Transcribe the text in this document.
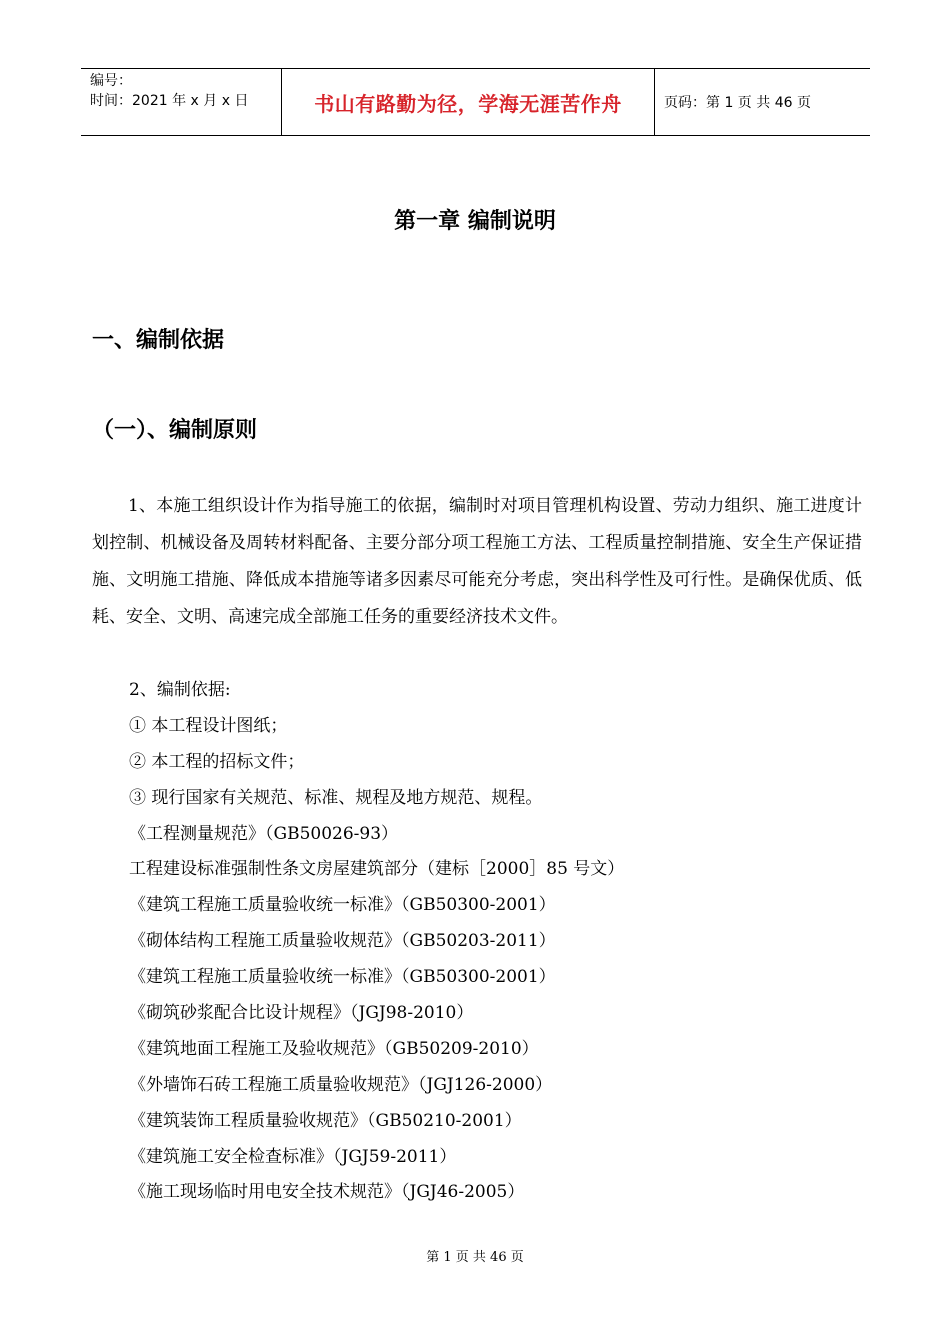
编号：
时间：2021 年 x 月 x 日	书山有路勤为径，学海无涯苦作舟	页码：第 1 页 共 46 页
第一章 编制说明
一、编制依据
（一）、编制原则

1、本施工组织设计作为指导施工的依据，编制时对项目管理机构设置、劳动力组织、施工进度计划控制、机械设备及周转材料配备、主要分部分项工程施工方法、工程质量控制措施、安全生产保证措施、文明施工措施、降低成本措施等诸多因素尽可能充分考虑，突出科学性及可行性。是确保优质、低耗、安全、文明、高速完成全部施工任务的重要经济技术文件。

2、编制依据:
① 本工程设计图纸；
② 本工程的招标文件；
③ 现行国家有关规范、标准、规程及地方规范、规程。
《工程测量规范》（GB50026-93）
工程建设标准强制性条文房屋建筑部分（建标［2000］85 号文）
《建筑工程施工质量验收统一标准》（GB50300-2001）
《砌体结构工程施工质量验收规范》（GB50203-2011）
《建筑工程施工质量验收统一标准》（GB50300-2001）
《砌筑砂浆配合比设计规程》（JGJ98-2010）
《建筑地面工程施工及验收规范》（GB50209-2010）
《外墙饰石砖工程施工质量验收规范》（JGJ126-2000）
《建筑装饰工程质量验收规范》（GB50210-2001）
《建筑施工安全检查标准》（JGJ59-2011）
《施工现场临时用电安全技术规范》（JGJ46-2005）
第 1 页 共 46 页
